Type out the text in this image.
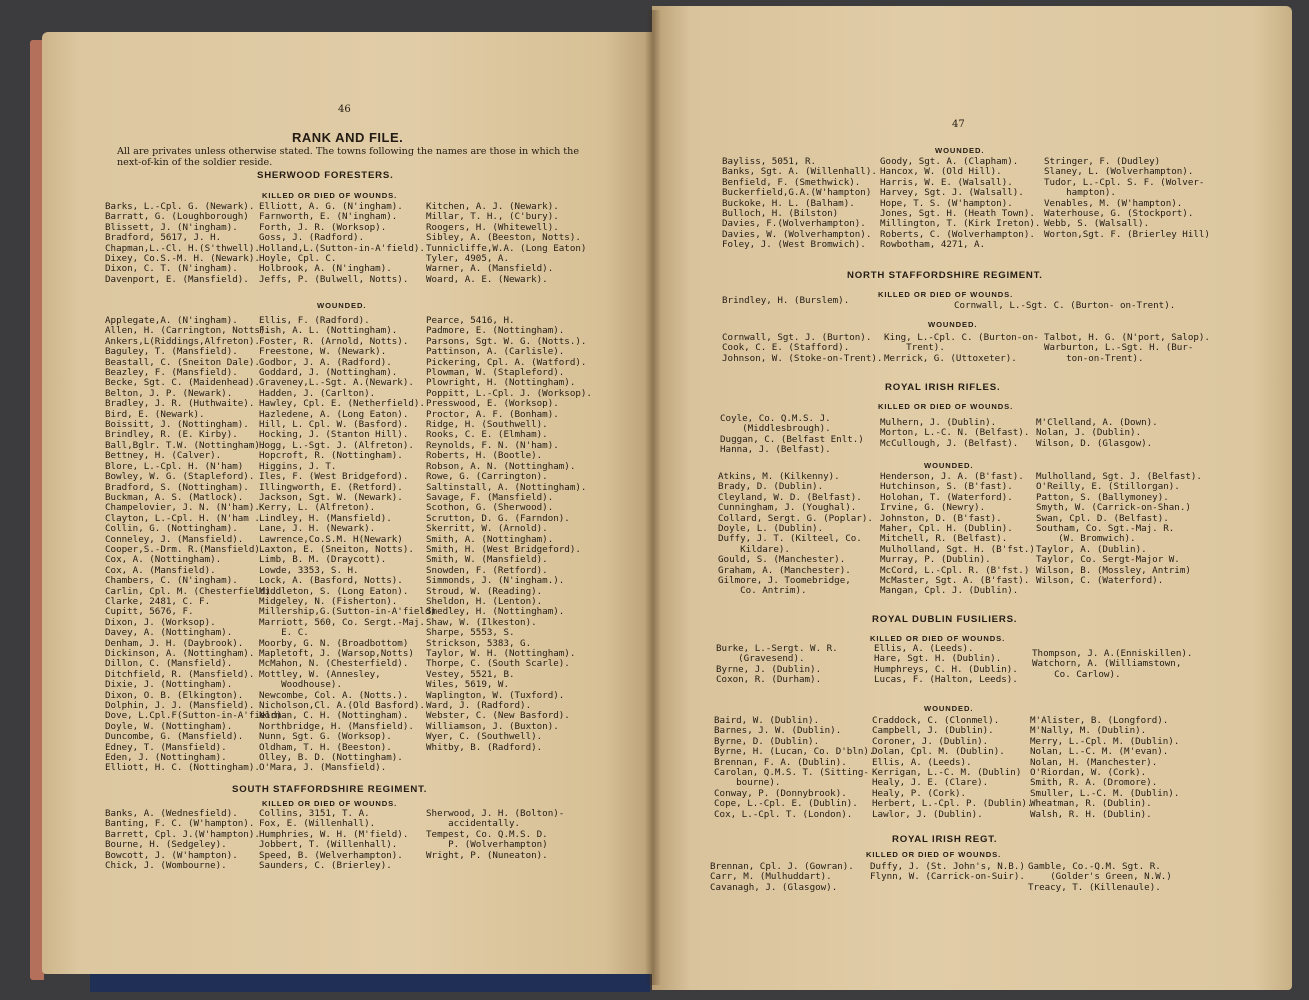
46
RANK AND FILE.
All are privates unless otherwise stated. The towns following the names are those in which the next-of-kin of the soldier reside.
SHERWOOD FORESTERS.
KILLED OR DIED OF WOUNDS.
Barks, L.-Cpl. G. (Newark).
Barratt, G. (Loughborough)
Blissett, J. (N'ingham).
Bradford, 5617, J. H.
Chapman,L.-Cl. H.(S'thwell).
Dixey, Co.S.-M. H. (Newark).
Dixon, C. T. (N'ingham).
Davenport, E. (Mansfield).
Elliott, A. G. (N'ingham).
Farnworth, E. (N'ingham).
Forth, J. R. (Worksop).
Goss, J. (Radford).
Holland,L.(Sutton-in-A'field).
Hoyle, Cpl. C.
Holbrook, A. (N'ingham).
Jeffs, P. (Bulwell, Notts).
Kitchen, A. J. (Newark).
Millar, T. H., (C'bury).
Roogers, H. (Whitewell).
Sibley, A. (Beeston, Notts).
Tunnicliffe,W.A. (Long Eaton)
Tyler, 4905, A.
Warner, A. (Mansfield).
Woard, A. E. (Newark).
WOUNDED.
Applegate,A. (N'ingham).
Allen, H. (Carrington, Notts).
Ankers,L(Riddings,Alfreton).
Baguley, T. (Mansfield).
Beastall, C. (Sneiton Dale).
Beazley, F. (Mansfield).
Becke, Sgt. C. (Maidenhead).
Belton, J. P. (Newark).
Bradley, J. R. (Huthwaite).
Bird, E. (Newark).
Boissitt, J. (Nottingham).
Brindley, R. (E. Kirby).
Ball,Bglr. T.W. (Nottingham).
Bettney, H. (Calver).
Blore, L.-Cpl. H. (N'ham)
Bowley, W. G. (Stapleford).
Bradford, S. (Nottingham).
Buckman, A. S. (Matlock).
Champelovier, J. N. (N'ham).
Clayton, L.-Cpl. H. (N'ham .
Collin, G. (Nottingham).
Conneley, J. (Mansfield).
Cooper,S.-Drm. R.(Mansfield).
Cox, A. (Nottingham).
Cox, A. (Mansfield).
Chambers, C. (N'ingham).
Carlin, Cpl. M. (Chesterfield).
Clarke, 2481, C. F.
Cupitt, 5676, F.
Dixon, J. (Worksop).
Davey, A. (Nottingham).
Denham, J. H. (Daybrook).
Dickinson, A. (Nottingham).
Dillon, C. (Mansfield).
Ditchfield, R. (Mansfield).
Dixie, J. (Nottingham).
Dixon, O. B. (Elkington).
Dolphin, J. J. (Mansfield).
Dove, L.Cpl.F(Sutton-in-A'field)
Doyle, W. (Nottingham).
Duncombe, G. (Mansfield).
Edney, T. (Mansfield).
Eden, J. (Nottingham).
Elliott, H. C. (Nottingham).
Ellis, F. (Radford).
Fish, A. L. (Nottingham).
Foster, R. (Arnold, Notts).
Freestone, W. (Newark).
Godbor, J. A. (Radford).
Goddard, J. (Nottingham).
Graveney,L.-Sgt. A.(Newark).
Hadden, J. (Carlton).
Hawley, Cpl. E. (Netherfield).
Hazledene, A. (Long Eaton).
Hill, L. Cpl. W. (Basford).
Hocking, J. (Stanton Hill).
Hogg, L.-Sgt. J. (Alfreton).
Hopcroft, R. (Nottingham).
Higgins, J. T.
Iles, F. (West Bridgeford).
Illingworth, E. (Retford).
Jackson, Sgt. W. (Newark).
Kerry, L. (Alfreton).
Lindley, H. (Mansfield).
Lane, J. H. (Newark).
Lawrence,Co.S.M. H(Newark)
Laxton, E. (Sneiton, Notts).
Limb, B. M. (Draycott).
Lowde, 3353, S. H.
Lock, A. (Basford, Notts).
Middleton, S. (Long Eaton).
Midgeley, N. (Fisherton).
Millership,G.(Sutton-in-A'field)
Marriott, 560, Co. Sergt.-Maj.
E. C.
Moorby, G. N. (Broadbottom)
Mapletoft, J. (Warsop,Notts)
McMahon, N. (Chesterfield).
Mottley, W. (Annesley,
Woodhouse).
Newcombe, Col. A. (Notts.).
Nicholson,Cl. A.(Old Basford).
Norman, C. H. (Nottingham).
Northbridge, H. (Mansfield).
Nunn, Sgt. G. (Worksop).
Oldham, T. H. (Beeston).
Olley, B. D. (Nottingham).
O'Mara, J. (Mansfield).
Pearce, 5416, H.
Padmore, E. (Nottingham).
Parsons, Sgt. W. G. (Notts.).
Pattinson, A. (Carlisle).
Pickering, Cpl. A. (Watford).
Plowman, W. (Stapleford).
Plowright, H. (Nottingham).
Poppitt, L.-Cpl. J. (Worksop).
Presswood, E. (Worksop).
Proctor, A. F. (Bonham).
Ridge, H. (Southwell).
Rooks, C. E. (Elmham).
Reynolds, F. N. (N'ham).
Roberts, H. (Bootle).
Robson, A. N. (Nottingham).
Rowe, G. (Carrington).
Saltinstall, A. (Nottingham).
Savage, F. (Mansfield).
Scothon, G. (Sherwood).
Scrutton, D. G. (Farndon).
Skerritt, W. (Arnold).
Smith, A. (Nottingham).
Smith, H. (West Bridgeford).
Smith, W. (Mansfield).
Snowden, F. (Retford).
Simmonds, J. (N'ingham.).
Stroud, W. (Reading).
Sheldon, H. (Lenton).
Smedley, H. (Nottingham).
Shaw, W. (Ilkeston).
Sharpe, 5553, S.
Strickson, 5383, G.
Taylor, W. H. (Nottingham).
Thorpe, C. (South Scarle).
Vestey, 5521, B.
Wiles, 5619, W.
Waplington, W. (Tuxford).
Ward, J. (Radford).
Webster, C. (New Basford).
Williamson, J. (Buxton).
Wyer, C. (Southwell).
Whitby, B. (Radford).
SOUTH STAFFORDSHIRE REGIMENT.
KILLED OR DIED OF WOUNDS.
Banks, A. (Wednesfield).
Banting, F. C. (W'hampton).
Barrett, Cpl. J.(W'hampton).
Bourne, H. (Sedgeley).
Bowcott, J. (W'hampton).
Chick, J. (Wombourne).
Collins, 3151, T. A.
Fox, E. (Willenhall).
Humphries, W. H. (M'field).
Jobbert, T. (Willenhall).
Speed, B. (Welverhampton).
Saunders, C. (Brierley).
Sherwood, J. H. (Bolton)-
accidentally.
Tempest, Co. Q.M.S. D.
P. (Wolverhampton)
Wright, P. (Nuneaton).
47
WOUNDED.
Bayliss, 5051, R.
Banks, Sgt. A. (Willenhall).
Benfield, F. (Smethwick).
Buckerfield,G.A.(W'hampton)
Buckoke, H. L. (Balham).
Bulloch, H. (Bilston)
Davies, F.(Wolverhampton).
Davies, W. (Wolverhampton).
Foley, J. (West Bromwich).
Goody, Sgt. A. (Clapham).
Hancox, W. (Old Hill).
Harris, W. E. (Walsall).
Harvey, Sgt. J. (Walsall).
Hope, T. S. (W'hampton).
Jones, Sgt. H. (Heath Town).
Millington, T. (Kirk Ireton).
Roberts, C. (Wolverhampton).
Rowbotham, 4271, A.
Stringer, F. (Dudley)
Slaney, L. (Wolverhampton).
Tudor, L.-Cpl. S. F. (Wolver-
hampton).
Venables, M. (W'hampton).
Waterhouse, G. (Stockport).
Webb, S. (Walsall).
Worton,Sgt. F. (Brierley Hill)
NORTH STAFFORDSHIRE REGIMENT.
KILLED OR DIED OF WOUNDS.
Brindley, H. (Burslem).	Cornwall, L.-Sgt. C. (Burton- on-Trent).
WOUNDED.
Cornwall, Sgt. J. (Burton).
Cook, C. E. (Stafford).
Johnson, W. (Stoke-on-Trent).
King, L.-Cpl. C. (Burton-on-
Trent).
Merrick, G. (Uttoxeter).
Talbot, H. G. (N'port, Salop).
Warburton, L.-Sgt. H. (Bur-
ton-on-Trent).
ROYAL IRISH RIFLES.
KILLED OR DIED OF WOUNDS.
Coyle, Co. Q.M.S. J.
(Middlesbrough).
Duggan, C. (Belfast Enlt.)
Hanna, J. (Belfast).
Mulhern, J. (Dublin).
Morton, L.-C. N. (Belfast).
McCullough, J. (Belfast).
M'Clelland, A. (Down).
Nolan, J. (Dublin).
Wilson, D. (Glasgow).
WOUNDED.
Atkins, M. (Kilkenny).
Brady, D. (Dublin).
Cleyland, W. D. (Belfast).
Cunningham, J. (Youghal).
Collard, Sergt. G. (Poplar).
Doyle, L. (Dublin).
Duffy, J. T. (Kilteel, Co.
Kildare).
Gould, S. (Manchester).
Graham, A. (Manchester).
Gilmore, J. Toomebridge,
Co. Antrim).
Henderson, J. A. (B'fast).
Hutchinson, S. (B'fast).
Holohan, T. (Waterford).
Irvine, G. (Newry).
Johnston, D. (B'fast).
Maher, Cpl. H. (Dublin).
Mitchell, R. (Belfast).
Mulholland, Sgt. H. (B'fst.)
Murray, P. (Dublin).
McCord, L.-Cpl. R. (B'fst.)
McMaster, Sgt. A. (B'fast).
Mangan, Cpl. J. (Dublin).
Mulholland, Sgt. J. (Belfast).
O'Reilly, E. (Stillorgan).
Patton, S. (Ballymoney).
Smyth, W. (Carrick-on-Shan.)
Swan, Cpl. D. (Belfast).
Southam, Co. Sgt.-Maj. R.
(W. Bromwich).
Taylor, A. (Dublin).
Taylor, Co. Sergt-Major W.
Wilson, B. (Mossley, Antrim)
Wilson, C. (Waterford).
ROYAL DUBLIN FUSILIERS.
KILLED OR DIED OF WOUNDS.
Burke, L.-Sergt. W. R.
(Gravesend).
Byrne, J. (Dublin).
Coxon, R. (Durham).
Ellis, A. (Leeds).
Hare, Sgt. H. (Dublin).
Humphreys, C. H. (Dublin).
Lucas, F. (Halton, Leeds).
Thompson, J. A.(Enniskillen).
Watchorn, A. (Williamstown,
Co. Carlow).
WOUNDED.
Baird, W. (Dublin).
Barnes, J. W. (Dublin).
Byrne, D. (Dublin).
Byrne, H. (Lucan, Co. D'bln).
Brennan, F. A. (Dublin).
Carolan, Q.M.S. T. (Sitting-
bourne).
Conway, P. (Donnybrook).
Cope, L.-Cpl. E. (Dublin).
Cox, L.-Cpl. T. (London).
Craddock, C. (Clonmel).
Campbell, J. (Dublin).
Coroner, J. (Dublin).
Dolan, Cpl. M. (Dublin).
Ellis, A. (Leeds).
Kerrigan, L.-C. M. (Dublin)
Healy, J. E. (Clare).
Healy, P. (Cork).
Herbert, L.-Cpl. P. (Dublin).
Lawlor, J. (Dublin).
M'Alister, B. (Longford).
M'Nally, M. (Dublin).
Merry, L.-Cpl. M. (Dublin).
Nolan, L.-C. M. (M'evan).
Nolan, H. (Manchester).
O'Riordan, W. (Cork).
Smith, R. A. (Dromore).
Smuller, L.-C. M. (Dublin).
Wheatman, R. (Dublin).
Walsh, R. H. (Dublin).
ROYAL IRISH REGT.
KILLED OR DIED OF WOUNDS.
Brennan, Cpl. J. (Gowran).
Carr, M. (Mulhuddart).
Cavanagh, J. (Glasgow).
Duffy, J. (St. John's, N.B.)
Flynn, W. (Carrick-on-Suir).
Gamble, Co.-Q.M. Sgt. R.
(Golder's Green, N.W.)
Treacy, T. (Killenaule).
